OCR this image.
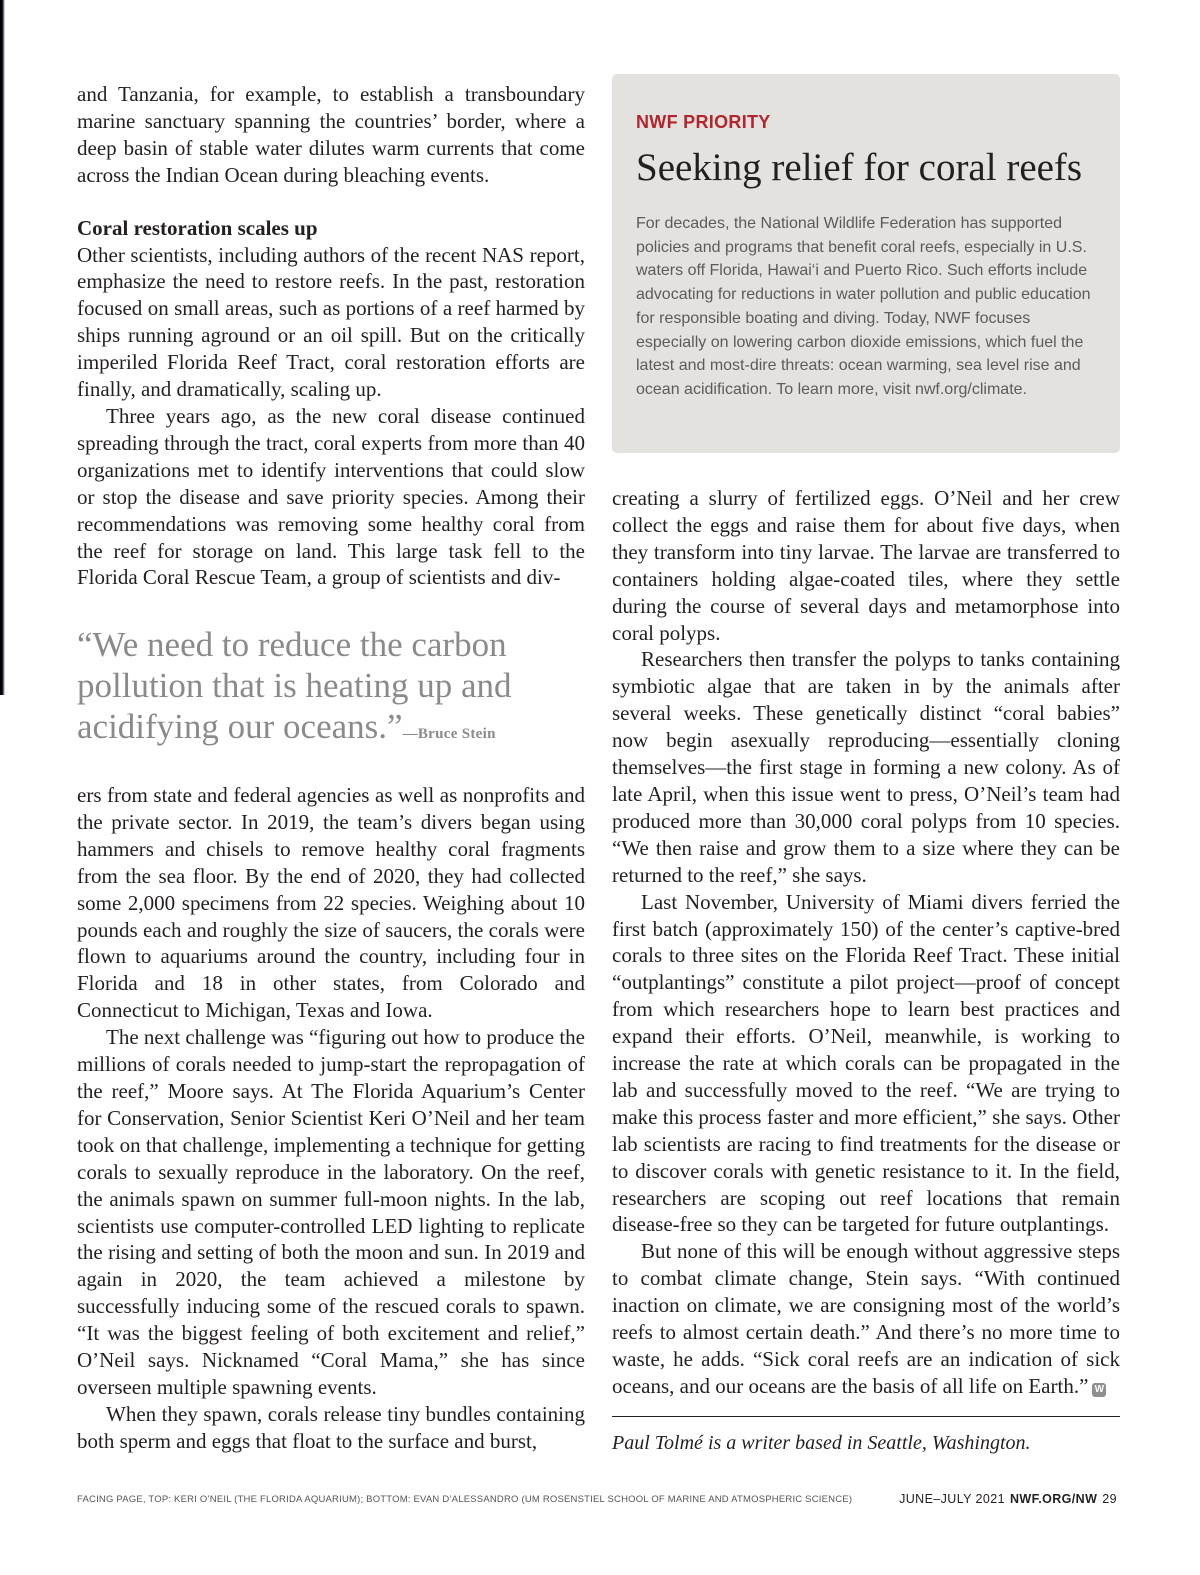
and Tanzania, for example, to establish a transboundary marine sanctuary spanning the countries’ border, where a deep basin of stable water dilutes warm currents that come across the Indian Ocean during bleaching events.

Coral restoration scales up

Other scientists, including authors of the recent NAS report, emphasize the need to restore reefs. In the past, restoration focused on small areas, such as portions of a reef harmed by ships running aground or an oil spill. But on the critically imperiled Florida Reef Tract, coral restoration efforts are finally, and dramatically, scaling up.

Three years ago, as the new coral disease continued spreading through the tract, coral experts from more than 40 organizations met to identify interventions that could slow or stop the disease and save priority species. Among their recommendations was removing some healthy coral from the reef for storage on land. This large task fell to the Florida Coral Rescue Team, a group of scientists and div-

“We need to reduce the carbon pollution that is heating up and acidifying our oceans.”—Bruce Stein

ers from state and federal agencies as well as nonprofits and the private sector. In 2019, the team’s divers began using hammers and chisels to remove healthy coral fragments from the sea floor. By the end of 2020, they had collected some 2,000 specimens from 22 species. Weighing about 10 pounds each and roughly the size of saucers, the corals were flown to aquariums around the country, including four in Florida and 18 in other states, from Colorado and Connecticut to Michigan, Texas and Iowa.

The next challenge was “figuring out how to produce the millions of corals needed to jump-start the repropagation of the reef,” Moore says. At The Florida Aquarium’s Center for Conservation, Senior Scientist Keri O’Neil and her team took on that challenge, implementing a technique for getting corals to sexually reproduce in the laboratory. On the reef, the animals spawn on summer full-moon nights. In the lab, scientists use computer-controlled LED lighting to replicate the rising and setting of both the moon and sun. In 2019 and again in 2020, the team achieved a milestone by successfully inducing some of the rescued corals to spawn. “It was the biggest feeling of both excitement and relief,” O’Neil says. Nicknamed “Coral Mama,” she has since overseen multiple spawning events.

When they spawn, corals release tiny bundles containing both sperm and eggs that float to the surface and burst,

NWF PRIORITY
Seeking relief for coral reefs
For decades, the National Wildlife Federation has supported policies and programs that benefit coral reefs, especially in U.S. waters off Florida, Hawai‘i and Puerto Rico. Such efforts include advocating for reductions in water pollution and public education for responsible boating and diving. Today, NWF focuses especially on lowering carbon dioxide emissions, which fuel the latest and most-dire threats: ocean warming, sea level rise and ocean acidification. To learn more, visit nwf.org/climate.

creating a slurry of fertilized eggs. O’Neil and her crew collect the eggs and raise them for about five days, when they transform into tiny larvae. The larvae are transferred to containers holding algae-coated tiles, where they settle during the course of several days and metamorphose into coral polyps.

Researchers then transfer the polyps to tanks containing symbiotic algae that are taken in by the animals after several weeks. These genetically distinct “coral babies” now begin asexually reproducing—essentially cloning themselves—the first stage in forming a new colony. As of late April, when this issue went to press, O’Neil’s team had produced more than 30,000 coral polyps from 10 species. “We then raise and grow them to a size where they can be returned to the reef,” she says.

Last November, University of Miami divers ferried the first batch (approximately 150) of the center’s captive-bred corals to three sites on the Florida Reef Tract. These initial “outplantings” constitute a pilot project—proof of concept from which researchers hope to learn best practices and expand their efforts. O’Neil, meanwhile, is working to increase the rate at which corals can be propagated in the lab and successfully moved to the reef. “We are trying to make this process faster and more efficient,” she says. Other lab scientists are racing to find treatments for the disease or to discover corals with genetic resistance to it. In the field, researchers are scoping out reef locations that remain disease-free so they can be targeted for future outplantings.

But none of this will be enough without aggressive steps to combat climate change, Stein says. “With continued inaction on climate, we are consigning most of the world’s reefs to almost certain death.” And there’s no more time to waste, he adds. “Sick coral reefs are an indication of sick oceans, and our oceans are the basis of all life on Earth.” W

Paul Tolmé is a writer based in Seattle, Washington.
FACING PAGE, TOP: KERI O’NEIL (THE FLORIDA AQUARIUM); BOTTOM: EVAN D’ALESSANDRO (UM ROSENSTIEL SCHOOL OF MARINE AND ATMOSPHERIC SCIENCE)	JUNE–JULY 2021 NWF.ORG/NW 29
